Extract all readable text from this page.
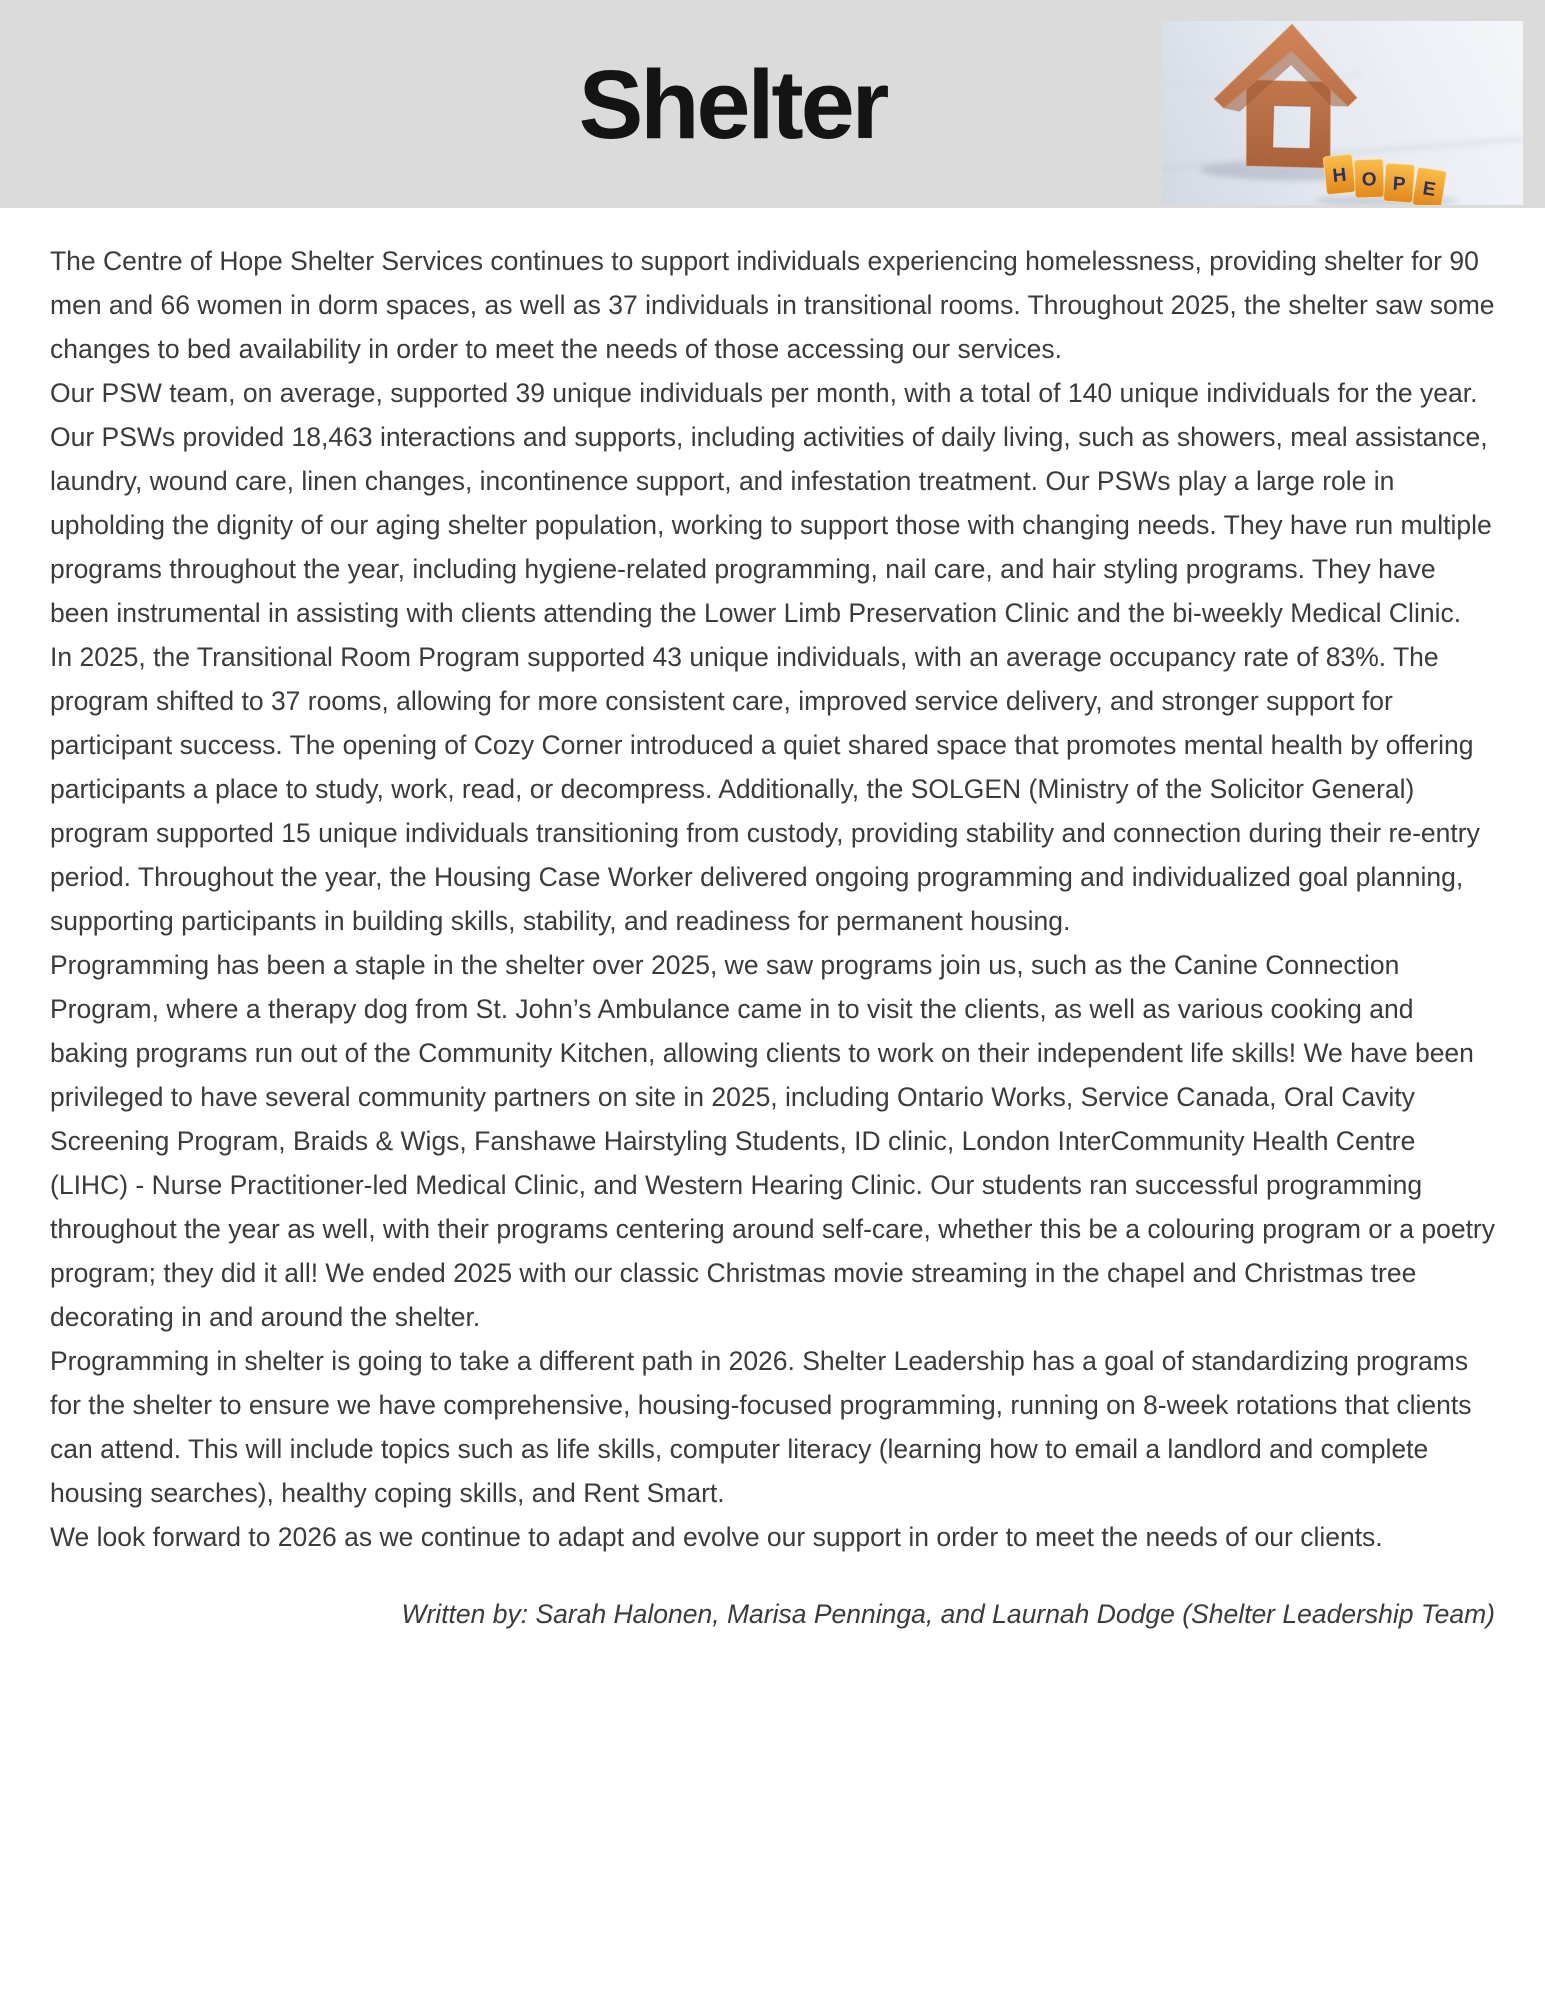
Shelter
H O P E

The Centre of Hope Shelter Services continues to support individuals experiencing homelessness, providing shelter for 90 men and 66 women in dorm spaces, as well as 37 individuals in transitional rooms. Throughout 2025, the shelter saw some changes to bed availability in order to meet the needs of those accessing our services.

Our PSW team, on average, supported 39 unique individuals per month, with a total of 140 unique individuals for the year. Our PSWs provided 18,463 interactions and supports, including activities of daily living, such as showers, meal assistance, laundry, wound care, linen changes, incontinence support, and infestation treatment. Our PSWs play a large role in upholding the dignity of our aging shelter population, working to support those with changing needs. They have run multiple programs throughout the year, including hygiene-related programming, nail care, and hair styling programs. They have been instrumental in assisting with clients attending the Lower Limb Preservation Clinic and the bi-weekly Medical Clinic.

In 2025, the Transitional Room Program supported 43 unique individuals, with an average occupancy rate of 83%. The program shifted to 37 rooms, allowing for more consistent care, improved service delivery, and stronger support for participant success. The opening of Cozy Corner introduced a quiet shared space that promotes mental health by offering participants a place to study, work, read, or decompress. Additionally, the SOLGEN (Ministry of the Solicitor General) program supported 15 unique individuals transitioning from custody, providing stability and connection during their re-entry period. Throughout the year, the Housing Case Worker delivered ongoing programming and individualized goal planning, supporting participants in building skills, stability, and readiness for permanent housing.

Programming has been a staple in the shelter over 2025, we saw programs join us, such as the Canine Connection Program, where a therapy dog from St. John’s Ambulance came in to visit the clients, as well as various cooking and baking programs run out of the Community Kitchen, allowing clients to work on their independent life skills! We have been privileged to have several community partners on site in 2025, including Ontario Works, Service Canada, Oral Cavity Screening Program, Braids & Wigs, Fanshawe Hairstyling Students, ID clinic, London InterCommunity Health Centre (LIHC) - Nurse Practitioner-led Medical Clinic, and Western Hearing Clinic. Our students ran successful programming throughout the year as well, with their programs centering around self-care, whether this be a colouring program or a poetry program; they did it all! We ended 2025 with our classic Christmas movie streaming in the chapel and Christmas tree decorating in and around the shelter.

Programming in shelter is going to take a different path in 2026. Shelter Leadership has a goal of standardizing programs for the shelter to ensure we have comprehensive, housing-focused programming, running on 8-week rotations that clients can attend. This will include topics such as life skills, computer literacy (learning how to email a landlord and complete housing searches), healthy coping skills, and Rent Smart.

We look forward to 2026 as we continue to adapt and evolve our support in order to meet the needs of our clients.

Written by: Sarah Halonen, Marisa Penninga, and Laurnah Dodge (Shelter Leadership Team)
